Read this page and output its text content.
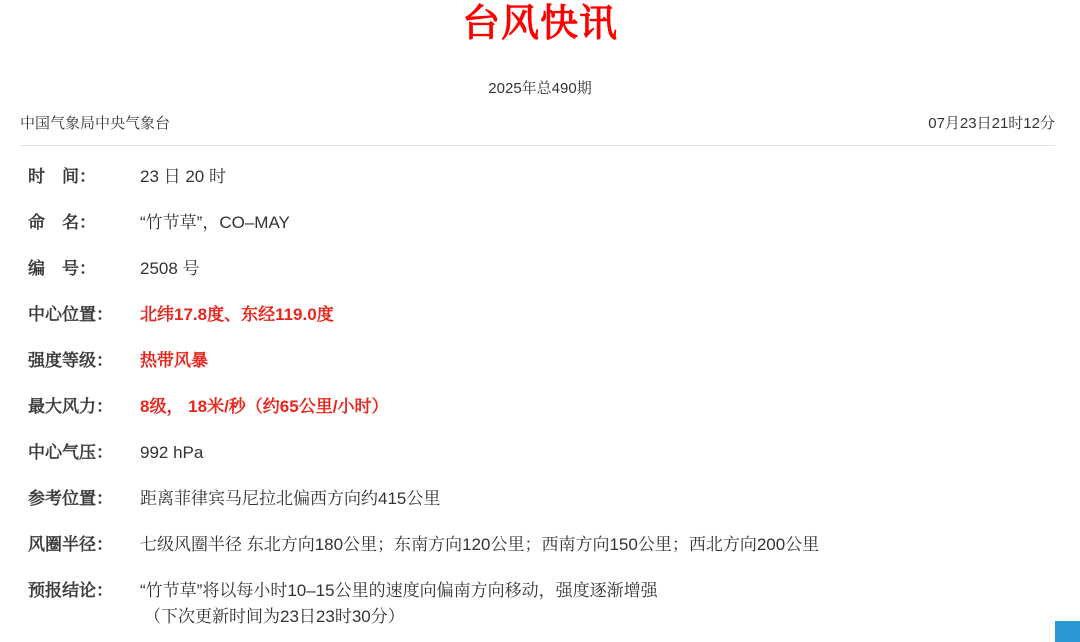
台风快讯
2025年总490期
中国气象局中央气象台	07月23日21时12分
时　间：	23 日 20 时
命　名：	“竹节草”，CO–MAY
编　号：	2508 号
中心位置：	北纬17.8度、东经119.0度
强度等级：	热带风暴
最大风力：	8级， 18米/秒（约65公里/小时）
中心气压：	992 hPa
参考位置：	距离菲律宾马尼拉北偏西方向约415公里
风圈半径：	七级风圈半径 东北方向180公里；东南方向120公里；西南方向150公里；西北方向200公里
预报结论：	“竹节草”将以每小时10–15公里的速度向偏南方向移动，强度逐渐增强
（下次更新时间为23日23时30分）
